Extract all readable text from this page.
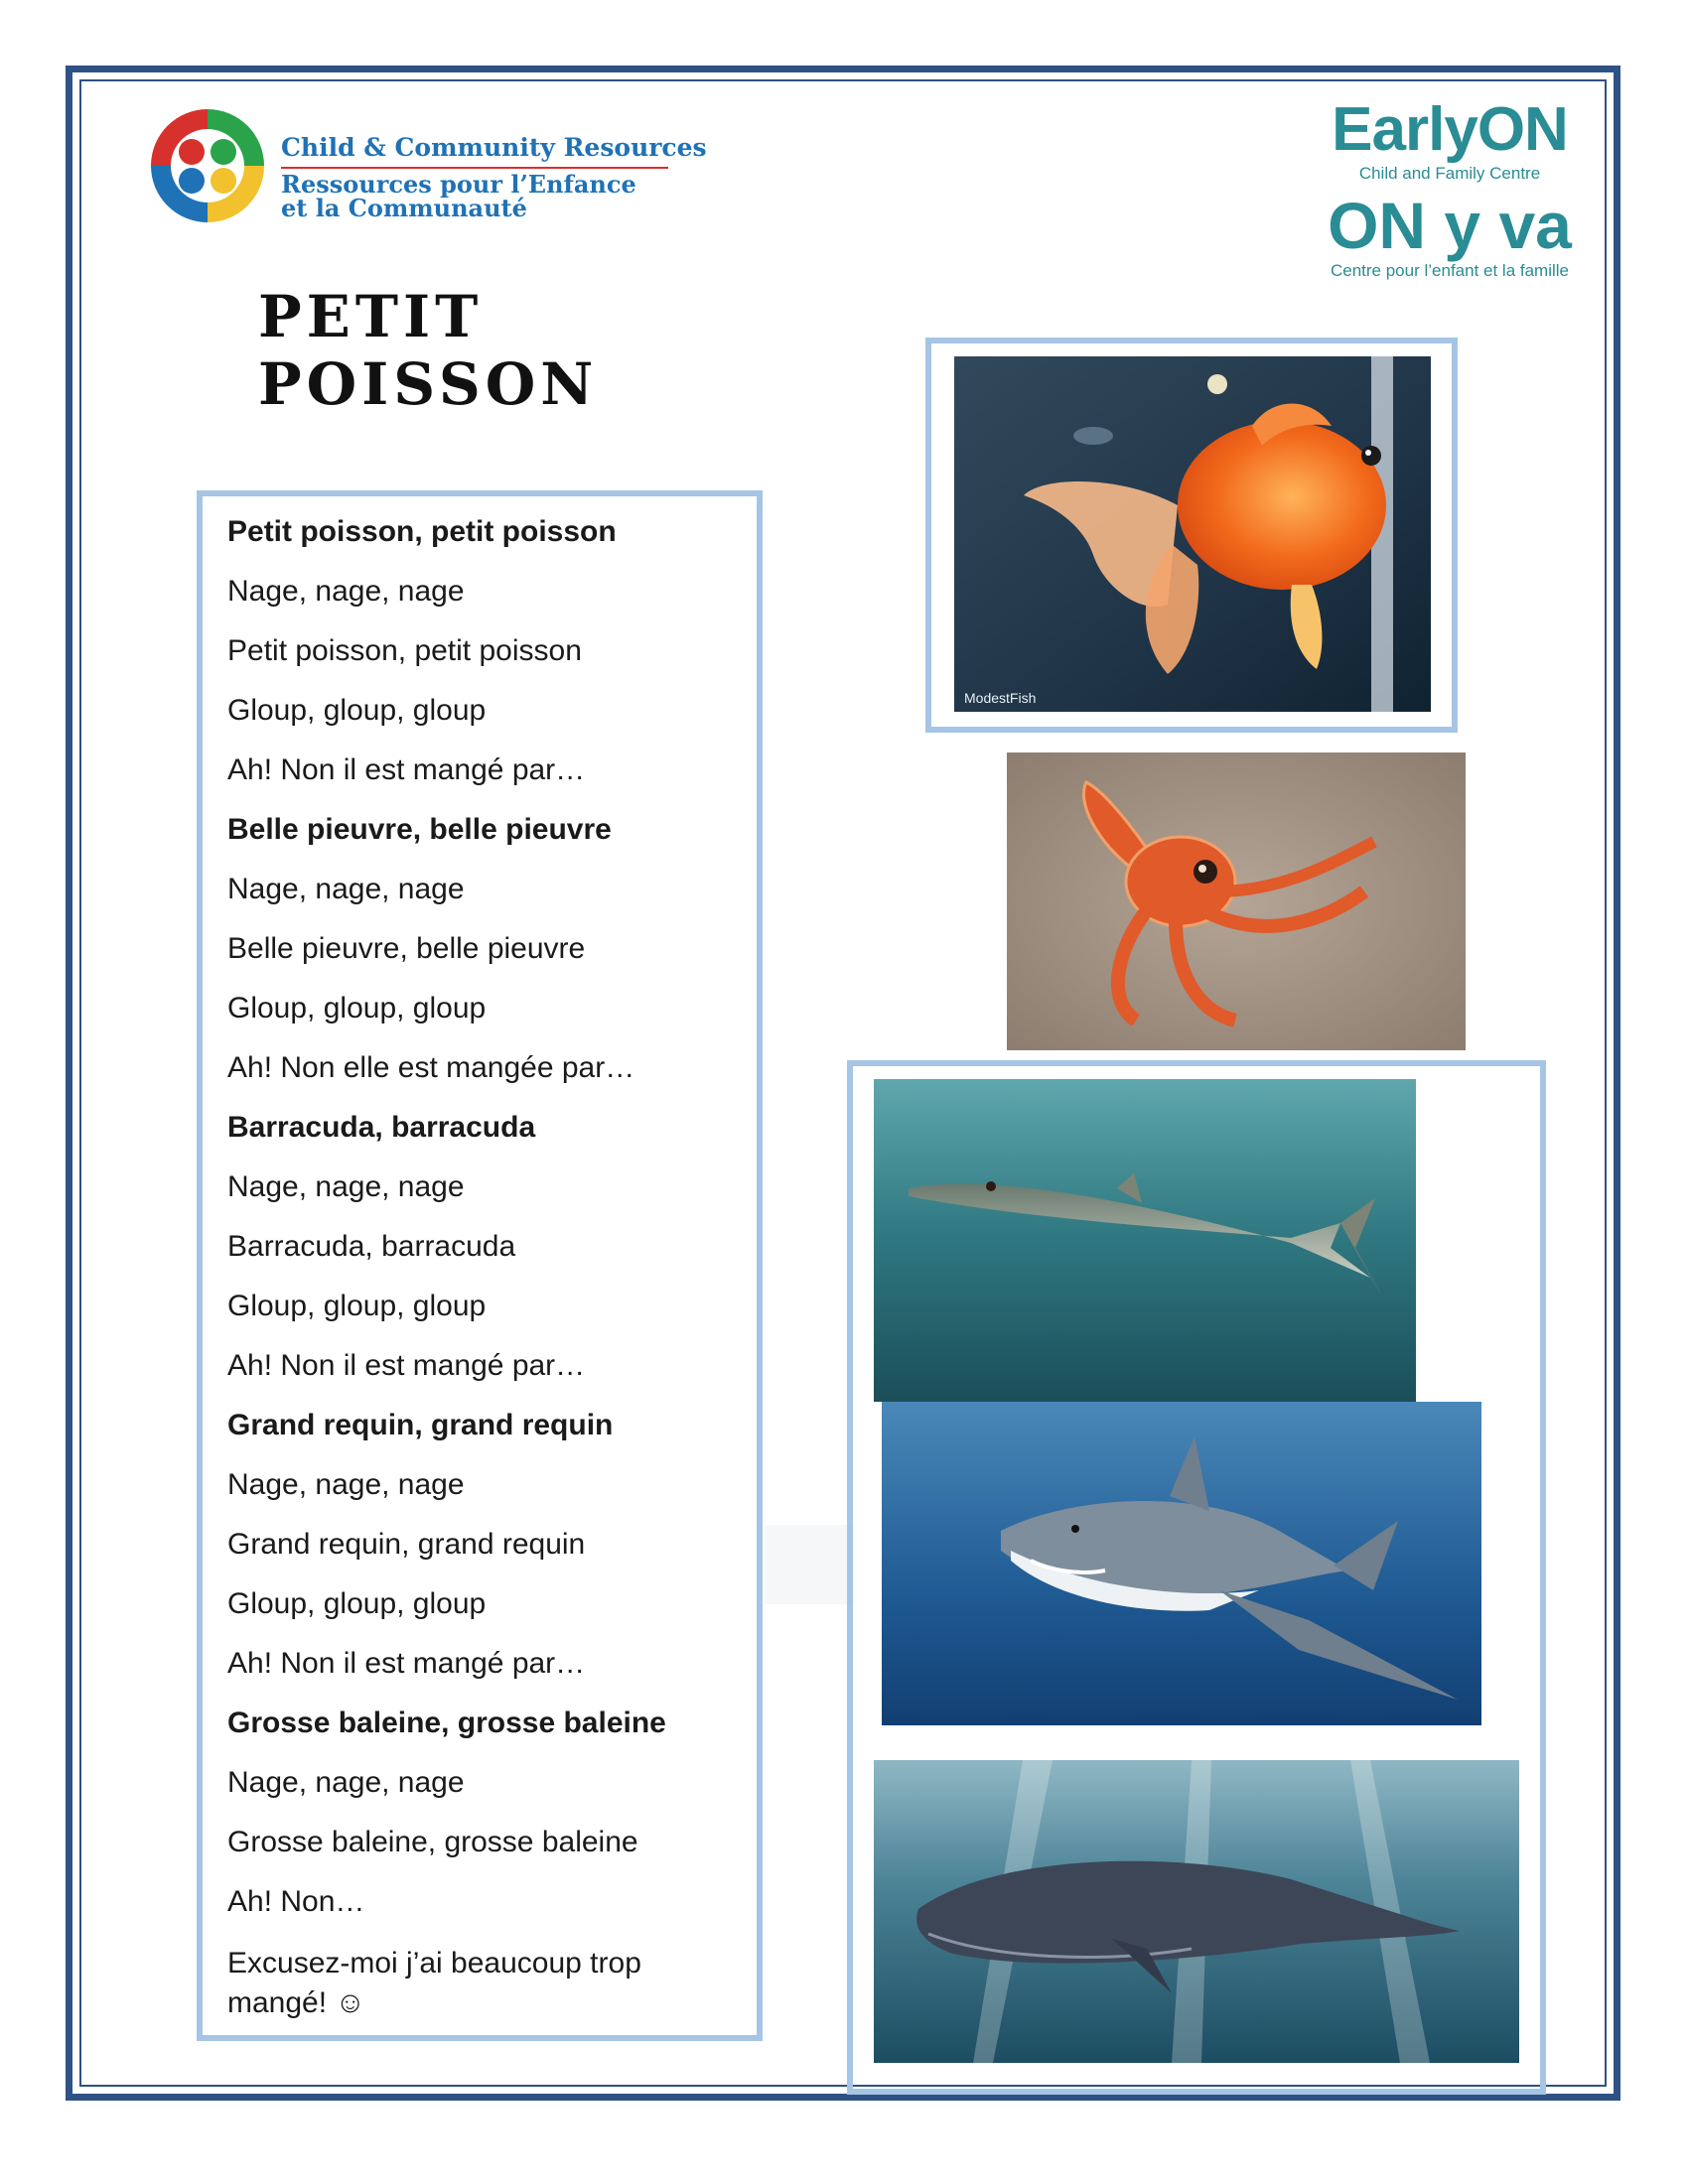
Child & Community Resources
Ressources pour l’Enfance
et la Communauté
EarlyON
Child and Family Centre
ON y va
Centre pour l’enfant et la famille
PETIT
POISSON
Petit poisson, petit poisson
Nage, nage, nage
Petit poisson, petit poisson
Gloup, gloup, gloup
Ah! Non il est mangé par…
Belle pieuvre, belle pieuvre
Nage, nage, nage
Belle pieuvre, belle pieuvre
Gloup, gloup, gloup
Ah! Non elle est mangée par…
Barracuda, barracuda
Nage, nage, nage
Barracuda, barracuda
Gloup, gloup, gloup
Ah! Non il est mangé par…
Grand requin, grand requin
Nage, nage, nage
Grand requin, grand requin
Gloup, gloup, gloup
Ah! Non il est mangé par…
Grosse baleine, grosse baleine
Nage, nage, nage
Grosse baleine, grosse baleine
Ah! Non…
Excusez-moi j’ai beaucoup trop mangé! ☺
ModestFish
